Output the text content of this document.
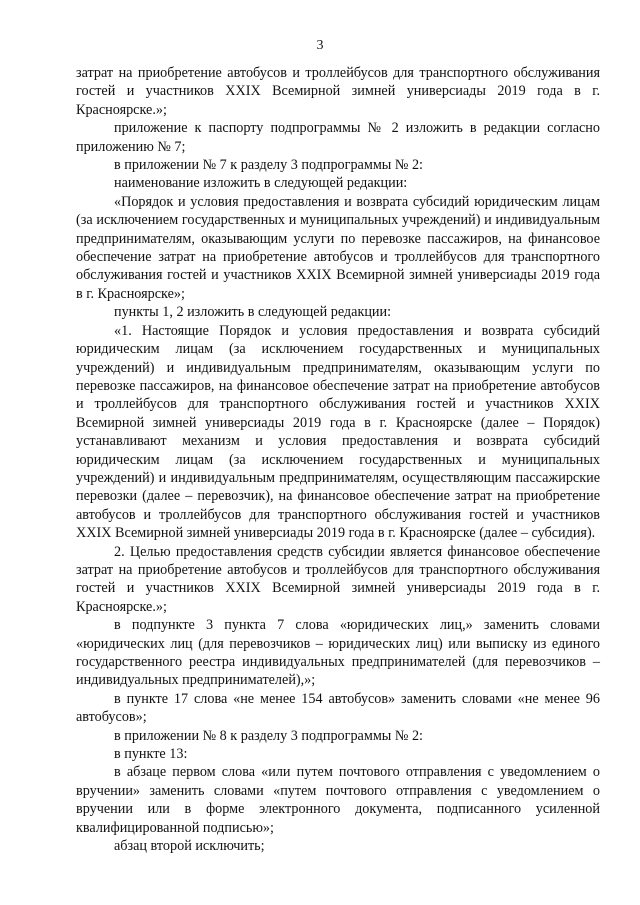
3

затрат на приобретение автобусов и троллейбусов для транспортного обслуживания гостей и участников XXIX Всемирной зимней универсиады 2019 года в г. Красноярске.»;

приложение к паспорту подпрограммы № 2 изложить в редакции согласно приложению № 7;

в приложении № 7 к разделу 3 подпрограммы № 2:

наименование изложить в следующей редакции:

«Порядок и условия предоставления и возврата субсидий юридическим лицам (за исключением государственных и муниципальных учреждений) и индивидуальным предпринимателям, оказывающим услуги по перевозке пассажиров, на финансовое обеспечение затрат на приобретение автобусов и троллейбусов для транспортного обслуживания гостей и участников XXIX Всемирной зимней универсиады 2019 года в г. Красноярске»;

пункты 1, 2 изложить в следующей редакции:

«1. Настоящие Порядок и условия предоставления и возврата субсидий юридическим лицам (за исключением государственных и муниципальных учреждений) и индивидуальным предпринимателям, оказывающим услуги по перевозке пассажиров, на финансовое обеспечение затрат на приобретение автобусов и троллейбусов для транспортного обслуживания гостей и участников XXIX Всемирной зимней универсиады 2019 года в г. Красноярске (далее – Порядок) устанавливают механизм и условия предоставления и возврата субсидий юридическим лицам (за исключением государственных и муниципальных учреждений) и индивидуальным предпринимателям, осуществляющим пассажирские перевозки (далее – перевозчик), на финансовое обеспечение затрат на приобретение автобусов и троллейбусов для транспортного обслуживания гостей и участников XXIX Всемирной зимней универсиады 2019 года в г. Красноярске (далее – субсидия).

2. Целью предоставления средств субсидии является финансовое обеспечение затрат на приобретение автобусов и троллейбусов для транспортного обслуживания гостей и участников XXIX Всемирной зимней универсиады 2019 года в г. Красноярске.»;

в подпункте 3 пункта 7 слова «юридических лиц,» заменить словами «юридических лиц (для перевозчиков – юридических лиц) или выписку из единого государственного реестра индивидуальных предпринимателей (для перевозчиков – индивидуальных предпринимателей),»;

в пункте 17 слова «не менее 154 автобусов» заменить словами «не менее 96 автобусов»;

в приложении № 8 к разделу 3 подпрограммы № 2:

в пункте 13:

в абзаце первом слова «или путем почтового отправления с уведомлением о вручении» заменить словами «путем почтового отправления с уведомлением о вручении или в форме электронного документа, подписанного усиленной квалифицированной подписью»;

абзац второй исключить;
